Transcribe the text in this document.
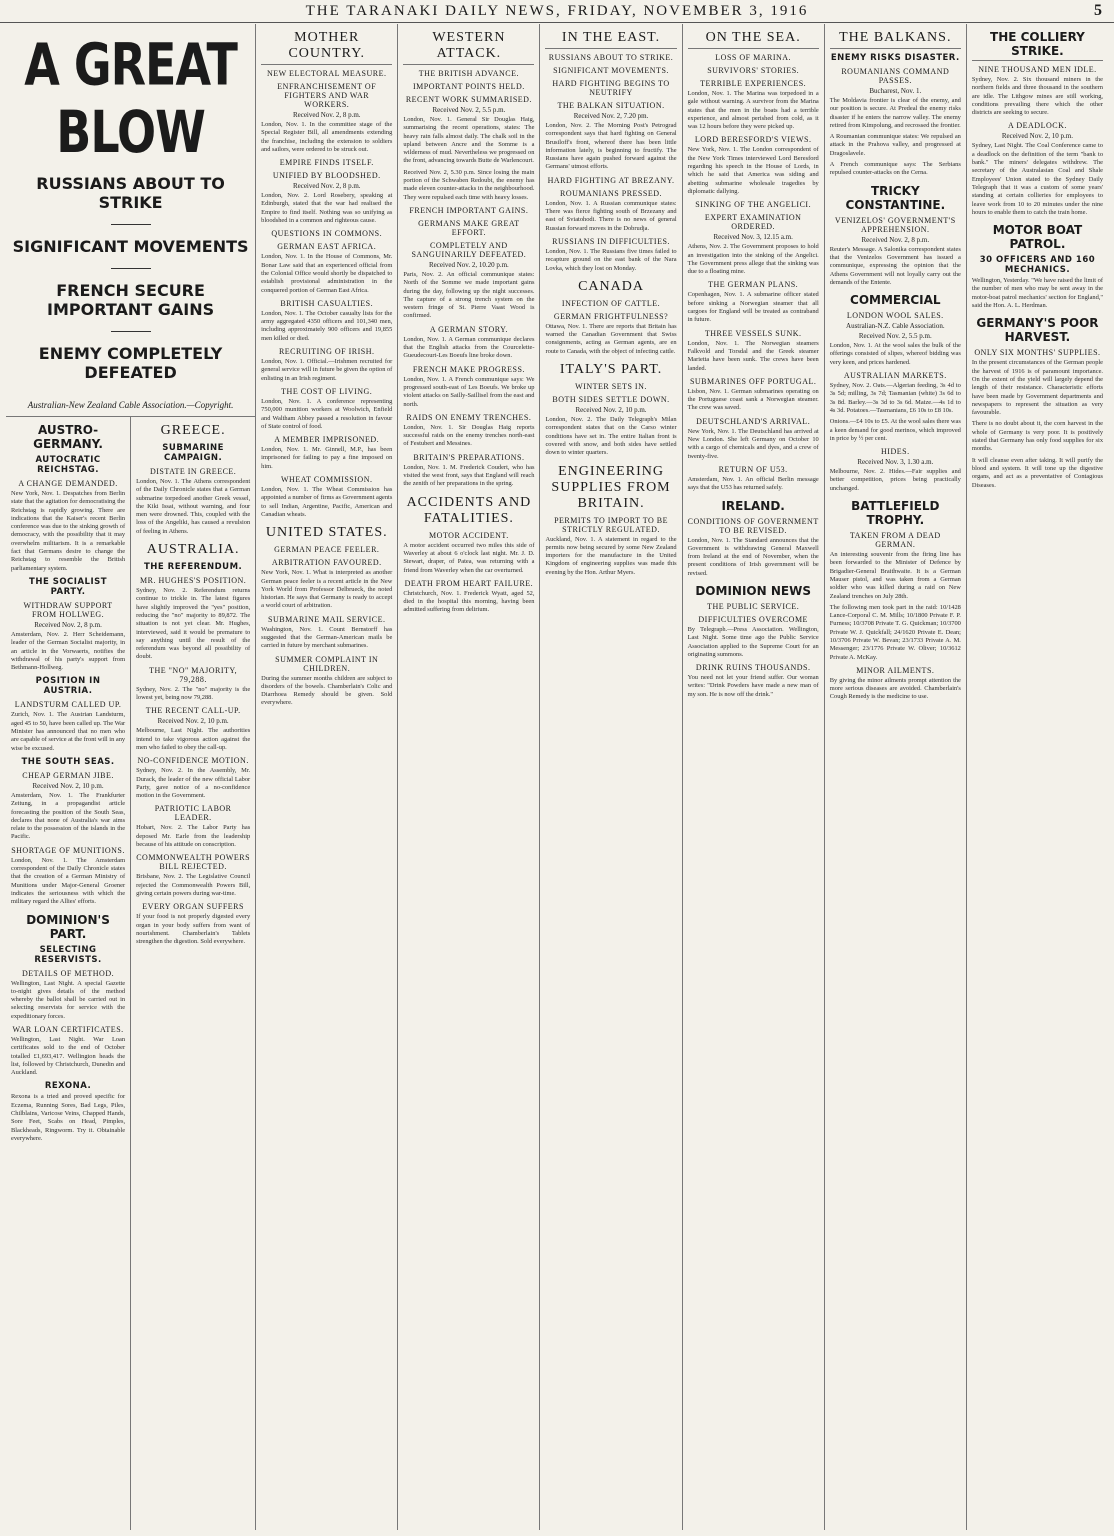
THE TARANAKI DAILY NEWS, FRIDAY, NOVEMBER 3, 1916	5
A GREAT BLOW
RUSSIANS ABOUT TO STRIKE
SIGNIFICANT MOVEMENTS
FRENCH SECURE IMPORTANT GAINS
ENEMY COMPLETELY DEFEATED
Australian-New Zealand Cable Association.—Copyright.
AUSTRO-GERMANY.
AUTOCRATIC REICHSTAG.
A CHANGE DEMANDED.

New York, Nov. 1. Despatches from Berlin state that the agitation for democratising the Reichstag is rapidly growing. There are indications that the Kaiser's recent Berlin conference was due to the sinking growth of democracy, with the possibility that it may overwhelm militarism. It is a remarkable fact that Germans desire to change the Reichstag to resemble the British parliamentary system.

THE SOCIALIST PARTY.
WITHDRAW SUPPORT FROM HOLLWEG.
Received Nov. 2, 8 p.m.

Amsterdam, Nov. 2. Herr Scheidemann, leader of the German Socialist majority, in an article in the Vorwaerts, notifies the withdrawal of his party's support from Bethmann-Hollweg.

POSITION IN AUSTRIA.
LANDSTURM CALLED UP.

Zurich, Nov. 1. The Austrian Landsturm, aged 45 to 50, have been called up. The War Minister has announced that no men who are capable of service at the front will in any wise be excused.

THE SOUTH SEAS.
CHEAP GERMAN JIBE.
Received Nov. 2, 10 p.m.

Amsterdam, Nov. 1. The Frankfurter Zeitung, in a propagandist article forecasting the position of the South Seas, declares that none of Australia's war aims relate to the possession of the islands in the Pacific.

SHORTAGE OF MUNITIONS.

London, Nov. 1. The Amsterdam correspondent of the Daily Chronicle states that the creation of a German Ministry of Munitions under Major-General Groener indicates the seriousness with which the military regard the Allies' efforts.

DOMINION'S PART.
SELECTING RESERVISTS.
DETAILS OF METHOD.

Wellington, Last Night. A special Gazette to-night gives details of the method whereby the ballot shall be carried out in selecting reservists for service with the expeditionary forces.

WAR LOAN CERTIFICATES.

Wellington, Last Night. War Loan certificates sold to the end of October totalled £1,693,417. Wellington heads the list, followed by Christchurch, Dunedin and Auckland.

REXONA.

Rexona is a tried and proved specific for Eczema, Running Sores, Bad Legs, Piles, Chilblains, Varicose Veins, Chapped Hands, Sore Feet, Scabs on Head, Pimples, Blackheads, Ringworm. Try it. Obtainable everywhere.

GREECE.
SUBMARINE CAMPAIGN.
DISTATE IN GREECE.

London, Nov. 1. The Athens correspondent of the Daily Chronicle states that a German submarine torpedoed another Greek vessel, the Kiki Issai, without warning, and four men were drowned. This, coupled with the loss of the Angeliki, has caused a revulsion of feeling in Athens.

AUSTRALIA.
THE REFERENDUM.
MR. HUGHES'S POSITION.

Sydney, Nov. 2. Referendum returns continue to trickle in. The latest figures have slightly improved the "yes" position, reducing the "no" majority to 89,872. The situation is not yet clear. Mr. Hughes, interviewed, said it would be premature to say anything until the result of the referendum was beyond all possibility of doubt.

THE "NO" MAJORITY, 79,288.

Sydney, Nov. 2. The "no" majority is the lowest yet, being now 79,288.

THE RECENT CALL-UP.
Received Nov. 2, 10 p.m.

Melbourne, Last Night. The authorities intend to take vigorous action against the men who failed to obey the call-up.

NO-CONFIDENCE MOTION.

Sydney, Nov. 2. In the Assembly, Mr. Durack, the leader of the new official Labor Party, gave notice of a no-confidence motion in the Government.

PATRIOTIC LABOR LEADER.

Hobart, Nov. 2. The Labor Party has deposed Mr. Earle from the leadership because of his attitude on conscription.

COMMONWEALTH POWERS BILL REJECTED.

Brisbane, Nov. 2. The Legislative Council rejected the Commonwealth Powers Bill, giving certain powers during war-time.

EVERY ORGAN SUFFERS

If your food is not properly digested every organ in your body suffers from want of nourishment. Chamberlain's Tablets strengthen the digestion. Sold everywhere.

MOTHER COUNTRY.
NEW ELECTORAL MEASURE.
ENFRANCHISEMENT OF FIGHTERS AND WAR WORKERS.
Received Nov. 2, 8 p.m.

London, Nov. 1. In the committee stage of the Special Register Bill, all amendments extending the franchise, including the extension to soldiers and sailors, were ordered to be struck out.

EMPIRE FINDS ITSELF.
UNIFIED BY BLOODSHED.
Received Nov. 2, 8 p.m.

London, Nov. 2. Lord Rosebery, speaking at Edinburgh, stated that the war had realised the Empire to find itself. Nothing was so unifying as bloodshed in a common and righteous cause.

QUESTIONS IN COMMONS.
GERMAN EAST AFRICA.

London, Nov. 1. In the House of Commons, Mr. Bonar Law said that an experienced official from the Colonial Office would shortly be dispatched to establish provisional administration in the conquered portion of German East Africa.

BRITISH CASUALTIES.

London, Nov. 1. The October casualty lists for the army aggregated 4350 officers and 101,340 men, including approximately 900 officers and 19,855 men killed or died.

RECRUITING OF IRISH.

London, Nov. 1. Official.—Irishmen recruited for general service will in future be given the option of enlisting in an Irish regiment.

THE COST OF LIVING.

London, Nov. 1. A conference representing 750,000 munition workers at Woolwich, Enfield and Waltham Abbey passed a resolution in favour of State control of food.

A MEMBER IMPRISONED.

London, Nov. 1. Mr. Ginnell, M.P., has been imprisoned for failing to pay a fine imposed on him.

WHEAT COMMISSION.

London, Nov. 1. The Wheat Commission has appointed a number of firms as Government agents to sell Indian, Argentine, Pacific, American and Canadian wheats.

UNITED STATES.
GERMAN PEACE FEELER.
ARBITRATION FAVOURED.

New York, Nov. 1. What is interpreted as another German peace feeler is a recent article in the New York World from Professor Delbrueck, the noted historian. He says that Germany is ready to accept a world court of arbitration.

SUBMARINE MAIL SERVICE.

Washington, Nov. 1. Count Bernstorff has suggested that the German-American mails be carried in future by merchant submarines.

SUMMER COMPLAINT IN CHILDREN.

During the summer months children are subject to disorders of the bowels. Chamberlain's Colic and Diarrhoea Remedy should be given. Sold everywhere.

WESTERN ATTACK.
THE BRITISH ADVANCE.
IMPORTANT POINTS HELD.
RECENT WORK SUMMARISED.
Received Nov. 2, 5.5 p.m.

London, Nov. 1. General Sir Douglas Haig, summarising the recent operations, states: The heavy rain falls almost daily. The chalk soil in the upland between Ancre and the Somme is a wilderness of mud. Nevertheless we progressed on the front, advancing towards Butte de Warlencourt.

Received Nov. 2, 5.30 p.m. Since losing the main portion of the Schwaben Redoubt, the enemy has made eleven counter-attacks in the neighbourhood. They were repulsed each time with heavy losses.

FRENCH IMPORTANT GAINS.
GERMANS MAKE GREAT EFFORT.
COMPLETELY AND SANGUINARILY DEFEATED.
Received Nov. 2, 10.20 p.m.

Paris, Nov. 2. An official communique states: North of the Somme we made important gains during the day, following up the night successes. The capture of a strong trench system on the western fringe of St. Pierre Vaast Wood is confirmed.

A GERMAN STORY.

London, Nov. 1. A German communique declares that the English attacks from the Courcelette-Gueudecourt-Les Boeufs line broke down.

FRENCH MAKE PROGRESS.

London, Nov. 1. A French communique says: We progressed south-east of Les Boeufs. We broke up violent attacks on Sailly-Saillisel from the east and north.

RAIDS ON ENEMY TRENCHES.

London, Nov. 1. Sir Douglas Haig reports successful raids on the enemy trenches north-east of Festubert and Messines.

BRITAIN'S PREPARATIONS.

London, Nov. 1. M. Frederick Coudert, who has visited the west front, says that England will reach the zenith of her preparations in the spring.

ACCIDENTS AND FATALITIES.
MOTOR ACCIDENT.

A motor accident occurred two miles this side of Waverley at about 6 o'clock last night. Mr. J. D. Stewart, draper, of Patea, was returning with a friend from Waverley when the car overturned.

DEATH FROM HEART FAILURE.

Christchurch, Nov. 1. Frederick Wyatt, aged 52, died in the hospital this morning, having been admitted suffering from delirium.

IN THE EAST.
RUSSIANS ABOUT TO STRIKE.
SIGNIFICANT MOVEMENTS.
HARD FIGHTING BEGINS TO NEUTRIFY
THE BALKAN SITUATION.
Received Nov. 2, 7.20 pm.

London, Nov. 2. The Morning Post's Petrograd correspondent says that hard fighting on General Brusiloff's front, whereof there has been little information lately, is beginning to fructify. The Russians have again pushed forward against the Germans' utmost efforts.

HARD FIGHTING AT BREZANY.
ROUMANIANS PRESSED.

London, Nov. 1. A Russian communique states: There was fierce fighting south of Brzezany and east of Sviatohodi. There is no news of general Russian forward moves in the Dobrudja.

RUSSIANS IN DIFFICULTIES.

London, Nov. 1. The Russians five times failed to recapture ground on the east bank of the Nara Lovka, which they lost on Monday.

CANADA
INFECTION OF CATTLE.
GERMAN FRIGHTFULNESS?

Ottawa, Nov. 1. There are reports that Britain has warned the Canadian Government that Swiss consignments, acting as German agents, are en route to Canada, with the object of infecting cattle.

ITALY'S PART.
WINTER SETS IN.
BOTH SIDES SETTLE DOWN.
Received Nov. 2, 10 p.m.

London, Nov. 2. The Daily Telegraph's Milan correspondent states that on the Carso winter conditions have set in. The entire Italian front is covered with snow, and both sides have settled down to winter quarters.

ENGINEERING SUPPLIES FROM BRITAIN.
PERMITS TO IMPORT TO BE STRICTLY REGULATED.

Auckland, Nov. 1. A statement in regard to the permits now being secured by some New Zealand importers for the manufacture in the United Kingdom of engineering supplies was made this evening by the Hon. Arthur Myers.

ON THE SEA.
LOSS OF MARINA.
SURVIVORS' STORIES.
TERRIBLE EXPERIENCES.

London, Nov. 1. The Marina was torpedoed in a gale without warning. A survivor from the Marina states that the men in the boats had a terrible experience, and almost perished from cold, as it was 12 hours before they were picked up.

LORD BERESFORD'S VIEWS.

New York, Nov. 1. The London correspondent of the New York Times interviewed Lord Beresford regarding his speech in the House of Lords, in which he said that America was siding and abetting submarine wholesale tragedies by diplomatic dallying.

SINKING OF THE ANGELICI.
EXPERT EXAMINATION ORDERED.
Received Nov. 3, 12.15 a.m.

Athens, Nov. 2. The Government proposes to hold an investigation into the sinking of the Angelici. The Government press allege that the sinking was due to a floating mine.

THE GERMAN PLANS.

Copenhagen, Nov. 1. A submarine officer stated before sinking a Norwegian steamer that all cargoes for England will be treated as contraband in future.

THREE VESSELS SUNK.

London, Nov. 1. The Norwegian steamers Falkvold and Torsdal and the Greek steamer Marietta have been sunk. The crews have been landed.

SUBMARINES OFF PORTUGAL.

Lisbon, Nov. 1. German submarines operating on the Portuguese coast sank a Norwegian steamer. The crew was saved.

DEUTSCHLAND'S ARRIVAL.

New York, Nov. 1. The Deutschland has arrived at New London. She left Germany on October 10 with a cargo of chemicals and dyes, and a crew of twenty-five.

RETURN OF U53.

Amsterdam, Nov. 1. An official Berlin message says that the U53 has returned safely.

IRELAND.
CONDITIONS OF GOVERNMENT TO BE REVISED.

London, Nov. 1. The Standard announces that the Government is withdrawing General Maxwell from Ireland at the end of November, when the present conditions of Irish government will be revised.

DOMINION NEWS
THE PUBLIC SERVICE.
DIFFICULTIES OVERCOME

By Telegraph.—Press Association. Wellington, Last Night. Some time ago the Public Service Association applied to the Supreme Court for an originating summons.

DRINK RUINS THOUSANDS.

You need not let your friend suffer. Our woman writes: "Drink Powders have made a new man of my son. He is now off the drink."

THE BALKANS.
ENEMY RISKS DISASTER.
ROUMANIANS COMMAND PASSES.
Bucharest, Nov. 1.

The Moldavia frontier is clear of the enemy, and our position is secure. At Predeal the enemy risks disaster if he enters the narrow valley. The enemy retired from Kimpolung, and recrossed the frontier.

A Roumanian communique states: We repulsed an attack in the Prahova valley, and progressed at Dragoslavele.

A French communique says: The Serbians repulsed counter-attacks on the Cerna.

TRICKY CONSTANTINE.
VENIZELOS' GOVERNMENT'S APPREHENSION.
Received Nov. 2, 8 p.m.

Reuter's Message. A Salonika correspondent states that the Venizelos Government has issued a communique, expressing the opinion that the Athens Government will not loyally carry out the demands of the Entente.

COMMERCIAL
LONDON WOOL SALES.
Australian-N.Z. Cable Association.
Received Nov. 2, 5.5 p.m.

London, Nov. 1. At the wool sales the bulk of the offerings consisted of slipes, whereof bidding was very keen, and prices hardened.

AUSTRALIAN MARKETS.

Sydney, Nov. 2. Oats.—Algerian feeding, 3s 4d to 3s 5d; milling, 3s 7d; Tasmanian (white) 3s 6d to 3s 8d. Barley.—3s 3d to 3s 6d. Maize.—4s 1d to 4s 3d. Potatoes.—Tasmanians, £6 10s to £8 10s.

Onions.—£4 10s to £5. At the wool sales there was a keen demand for good merinos, which improved in price by ½ per cent.

HIDES.
Received Nov. 3, 1.30 a.m.

Melbourne, Nov. 2. Hides.—Fair supplies and better competition, prices being practically unchanged.

BATTLEFIELD TROPHY.
TAKEN FROM A DEAD GERMAN.

An interesting souvenir from the firing line has been forwarded to the Minister of Defence by Brigadier-General Braithwaite. It is a German Mauser pistol, and was taken from a German soldier who was killed during a raid on New Zealand trenches on July 28th.

The following men took part in the raid: 10/1428 Lance-Corporal C. M. Mills; 10/1800 Private F. P. Furness; 10/3708 Private T. G. Quickman; 10/3700 Private W. J. Quickfall; 24/1620 Private E. Dean; 10/3706 Private W. Bevan; 23/1733 Private A. M. Messenger; 23/1776 Private W. Oliver; 10/3612 Private A. McKay.

MINOR AILMENTS.

By giving the minor ailments prompt attention the more serious diseases are avoided. Chamberlain's Cough Remedy is the medicine to use.

THE COLLIERY STRIKE.
NINE THOUSAND MEN IDLE.

Sydney, Nov. 2. Six thousand miners in the northern fields and three thousand in the southern are idle. The Lithgow mines are still working, conditions prevailing there which the other districts are seeking to secure.

A DEADLOCK.
Received Nov. 2, 10 p.m.

Sydney, Last Night. The Coal Conference came to a deadlock on the definition of the term "bank to bank." The miners' delegates withdrew. The secretary of the Australasian Coal and Shale Employees' Union stated to the Sydney Daily Telegraph that it was a custom of some years' standing at certain collieries for employees to leave work from 10 to 20 minutes under the nine hours to enable them to catch the train home.

MOTOR BOAT PATROL.
30 OFFICERS AND 160 MECHANICS.

Wellington, Yesterday. "We have raised the limit of the number of men who may be sent away in the motor-boat patrol mechanics' section for England," said the Hon. A. L. Herdman.

GERMANY'S POOR HARVEST.
ONLY SIX MONTHS' SUPPLIES.

In the present circumstances of the German people the harvest of 1916 is of paramount importance. On the extent of the yield will largely depend the length of their resistance. Characteristic efforts have been made by Government departments and newspapers to represent the situation as very favourable.

There is no doubt about it, the corn harvest in the whole of Germany is very poor. It is positively stated that Germany has only food supplies for six months.

It will cleanse even after taking. It will purify the blood and system. It will tone up the digestive organs, and act as a preventative of Contagious Diseases.
